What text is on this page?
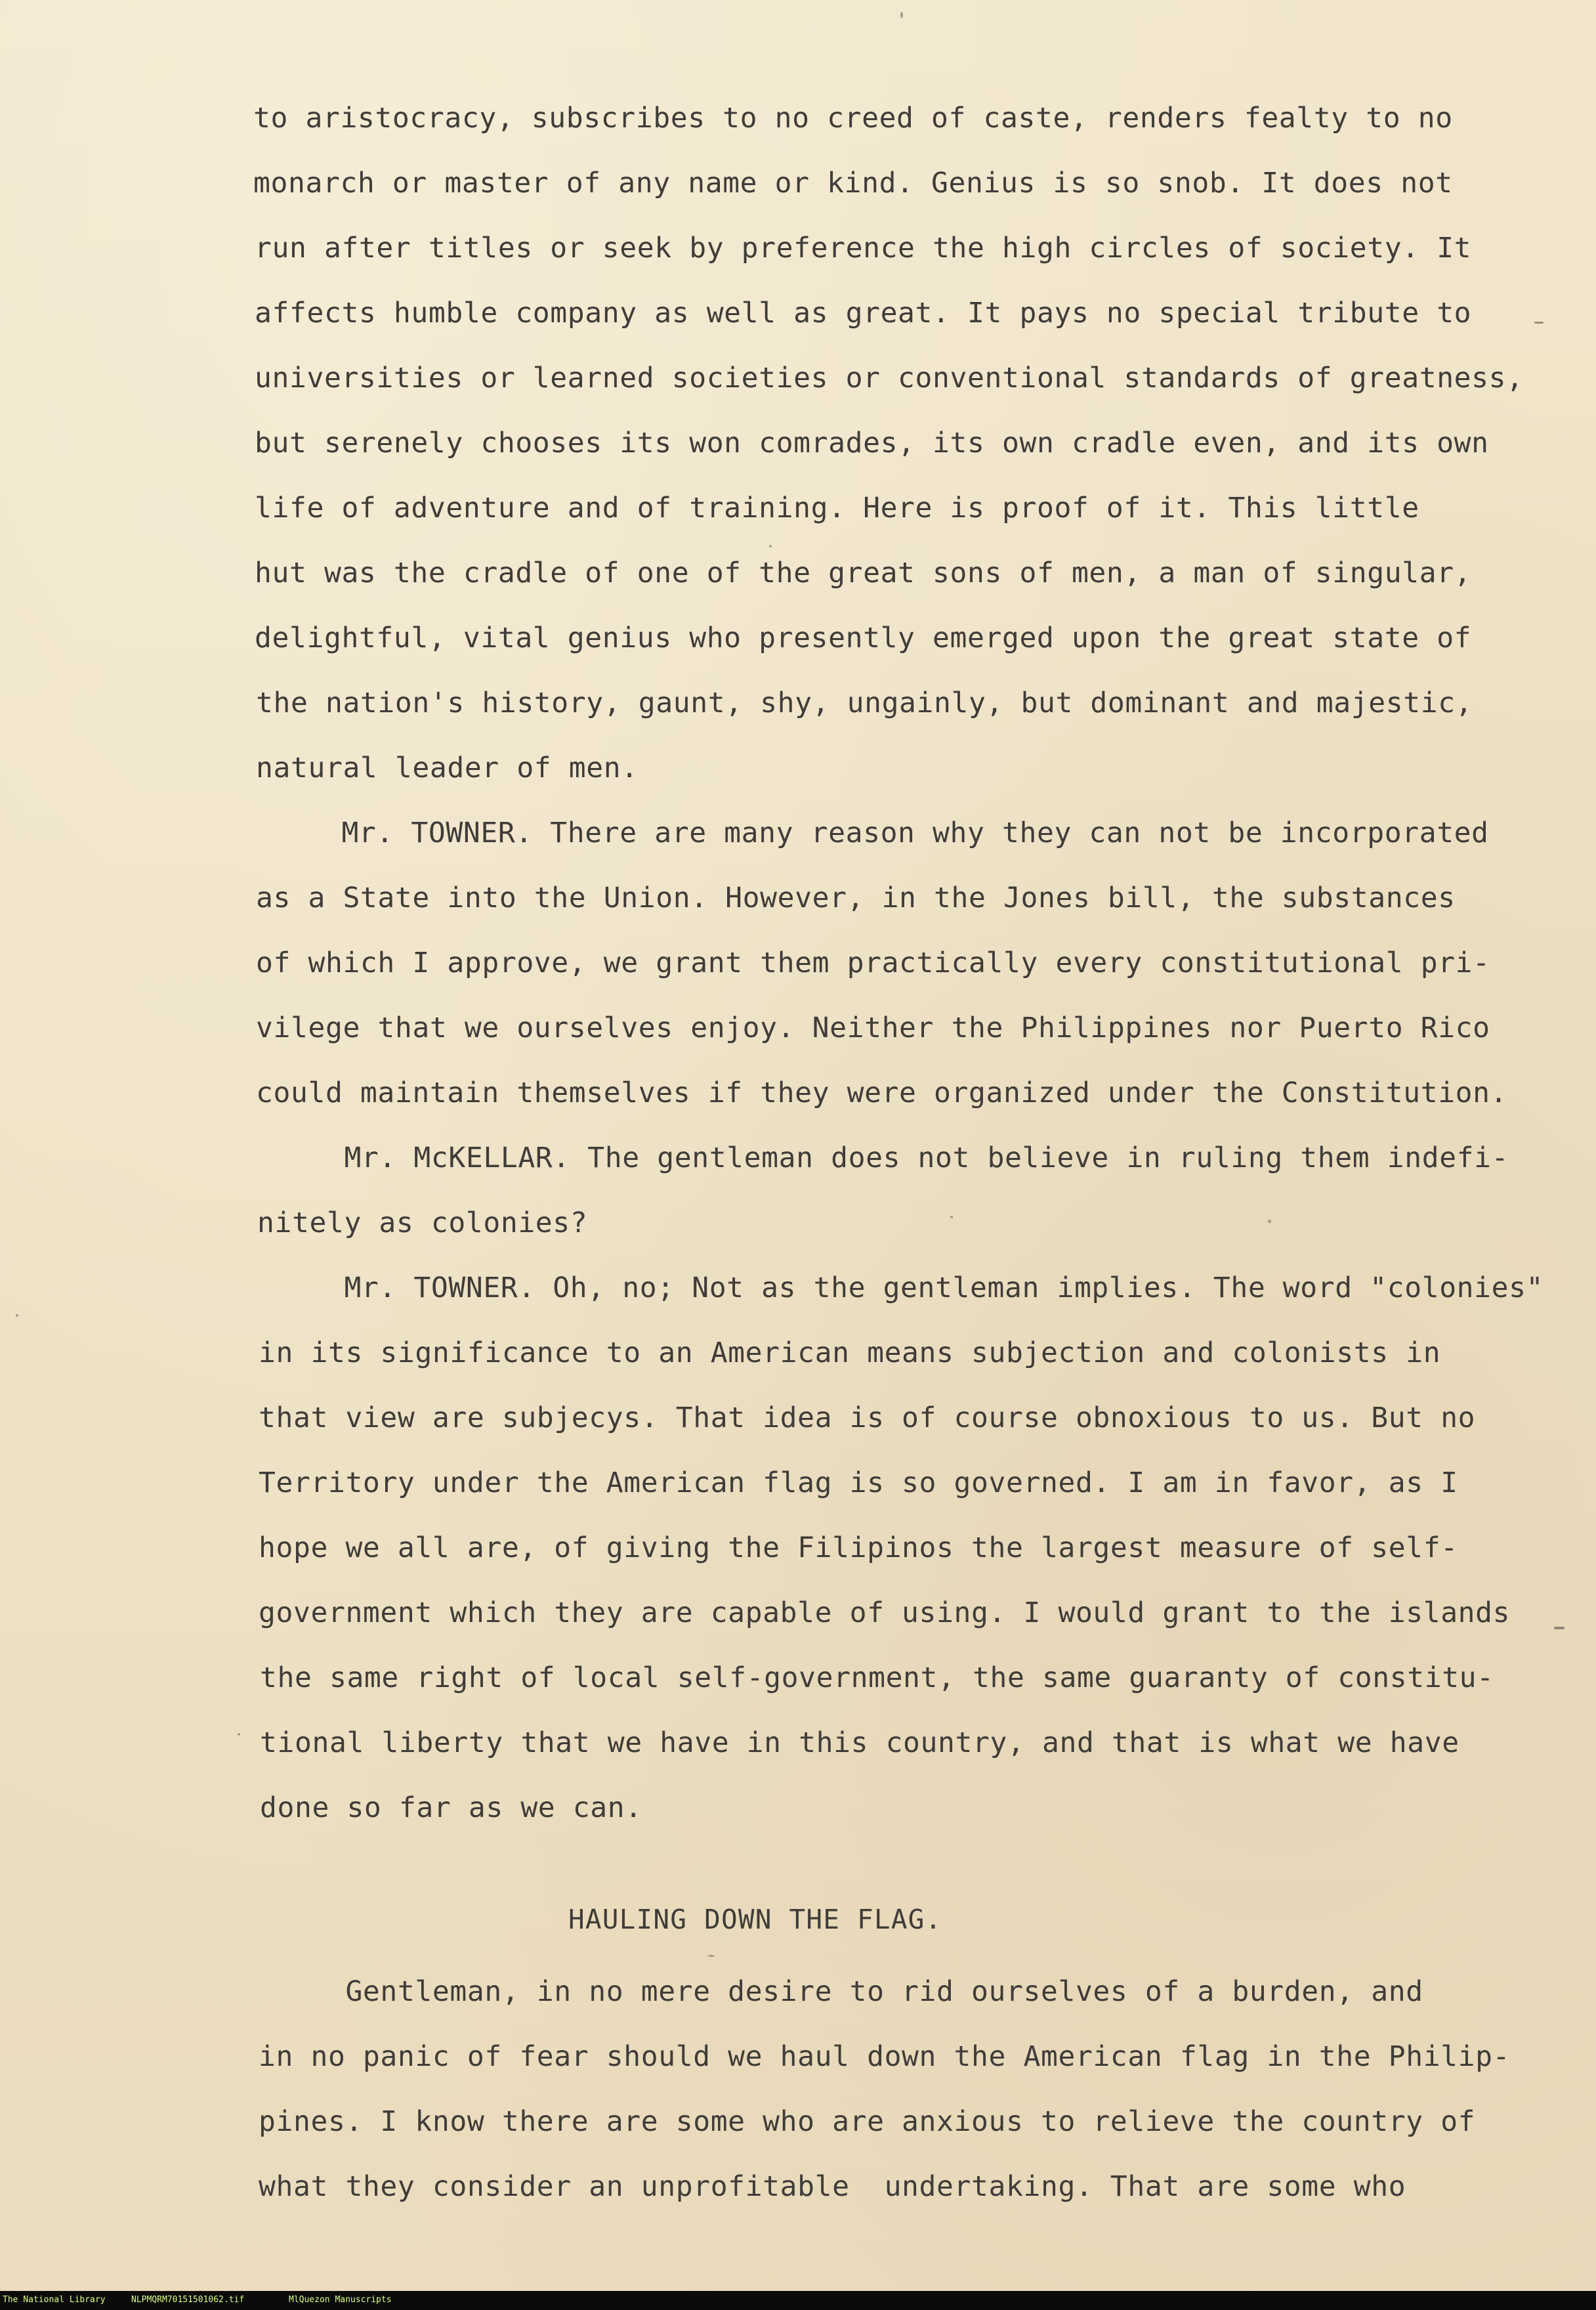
to aristocracy, subscribes to no creed of caste, renders fealty to no
monarch or master of any name or kind. Genius is so snob. It does not
run after titles or seek by preference the high circles of society. It
affects humble company as well as great. It pays no special tribute to
universities or learned societies or conventional standards of greatness,
but serenely chooses its won comrades, its own cradle even, and its own
life of adventure and of training. Here is proof of it. This little
hut was the cradle of one of the great sons of men, a man of singular,
delightful, vital genius who presently emerged upon the great state of
the nation's history, gaunt, shy, ungainly, but dominant and majestic,
natural leader of men.
Mr. TOWNER. There are many reason why they can not be incorporated
as a State into the Union. However, in the Jones bill, the substances
of which I approve, we grant them practically every constitutional pri-
vilege that we ourselves enjoy. Neither the Philippines nor Puerto Rico
could maintain themselves if they were organized under the Constitution.
Mr. McKELLAR. The gentleman does not believe in ruling them indefi-
nitely as colonies?
Mr. TOWNER. Oh, no; Not as the gentleman implies. The word "colonies"
in its significance to an American means subjection and colonists in
that view are subjecys. That idea is of course obnoxious to us. But no
Territory under the American flag is so governed. I am in favor, as I
hope we all are, of giving the Filipinos the largest measure of self-
government which they are capable of using. I would grant to the islands
the same right of local self-government, the same guaranty of constitu-
tional liberty that we have in this country, and that is what we have
done so far as we can.
HAULING DOWN THE FLAG.
Gentleman, in no mere desire to rid ourselves of a burden, and
in no panic of fear should we haul down the American flag in the Philip-
pines. I know there are some who are anxious to relieve the country of
what they consider an unprofitable  undertaking. That are some who
The National Library	NLPMQRM70151501062.tif	MlQuezon Manuscripts
